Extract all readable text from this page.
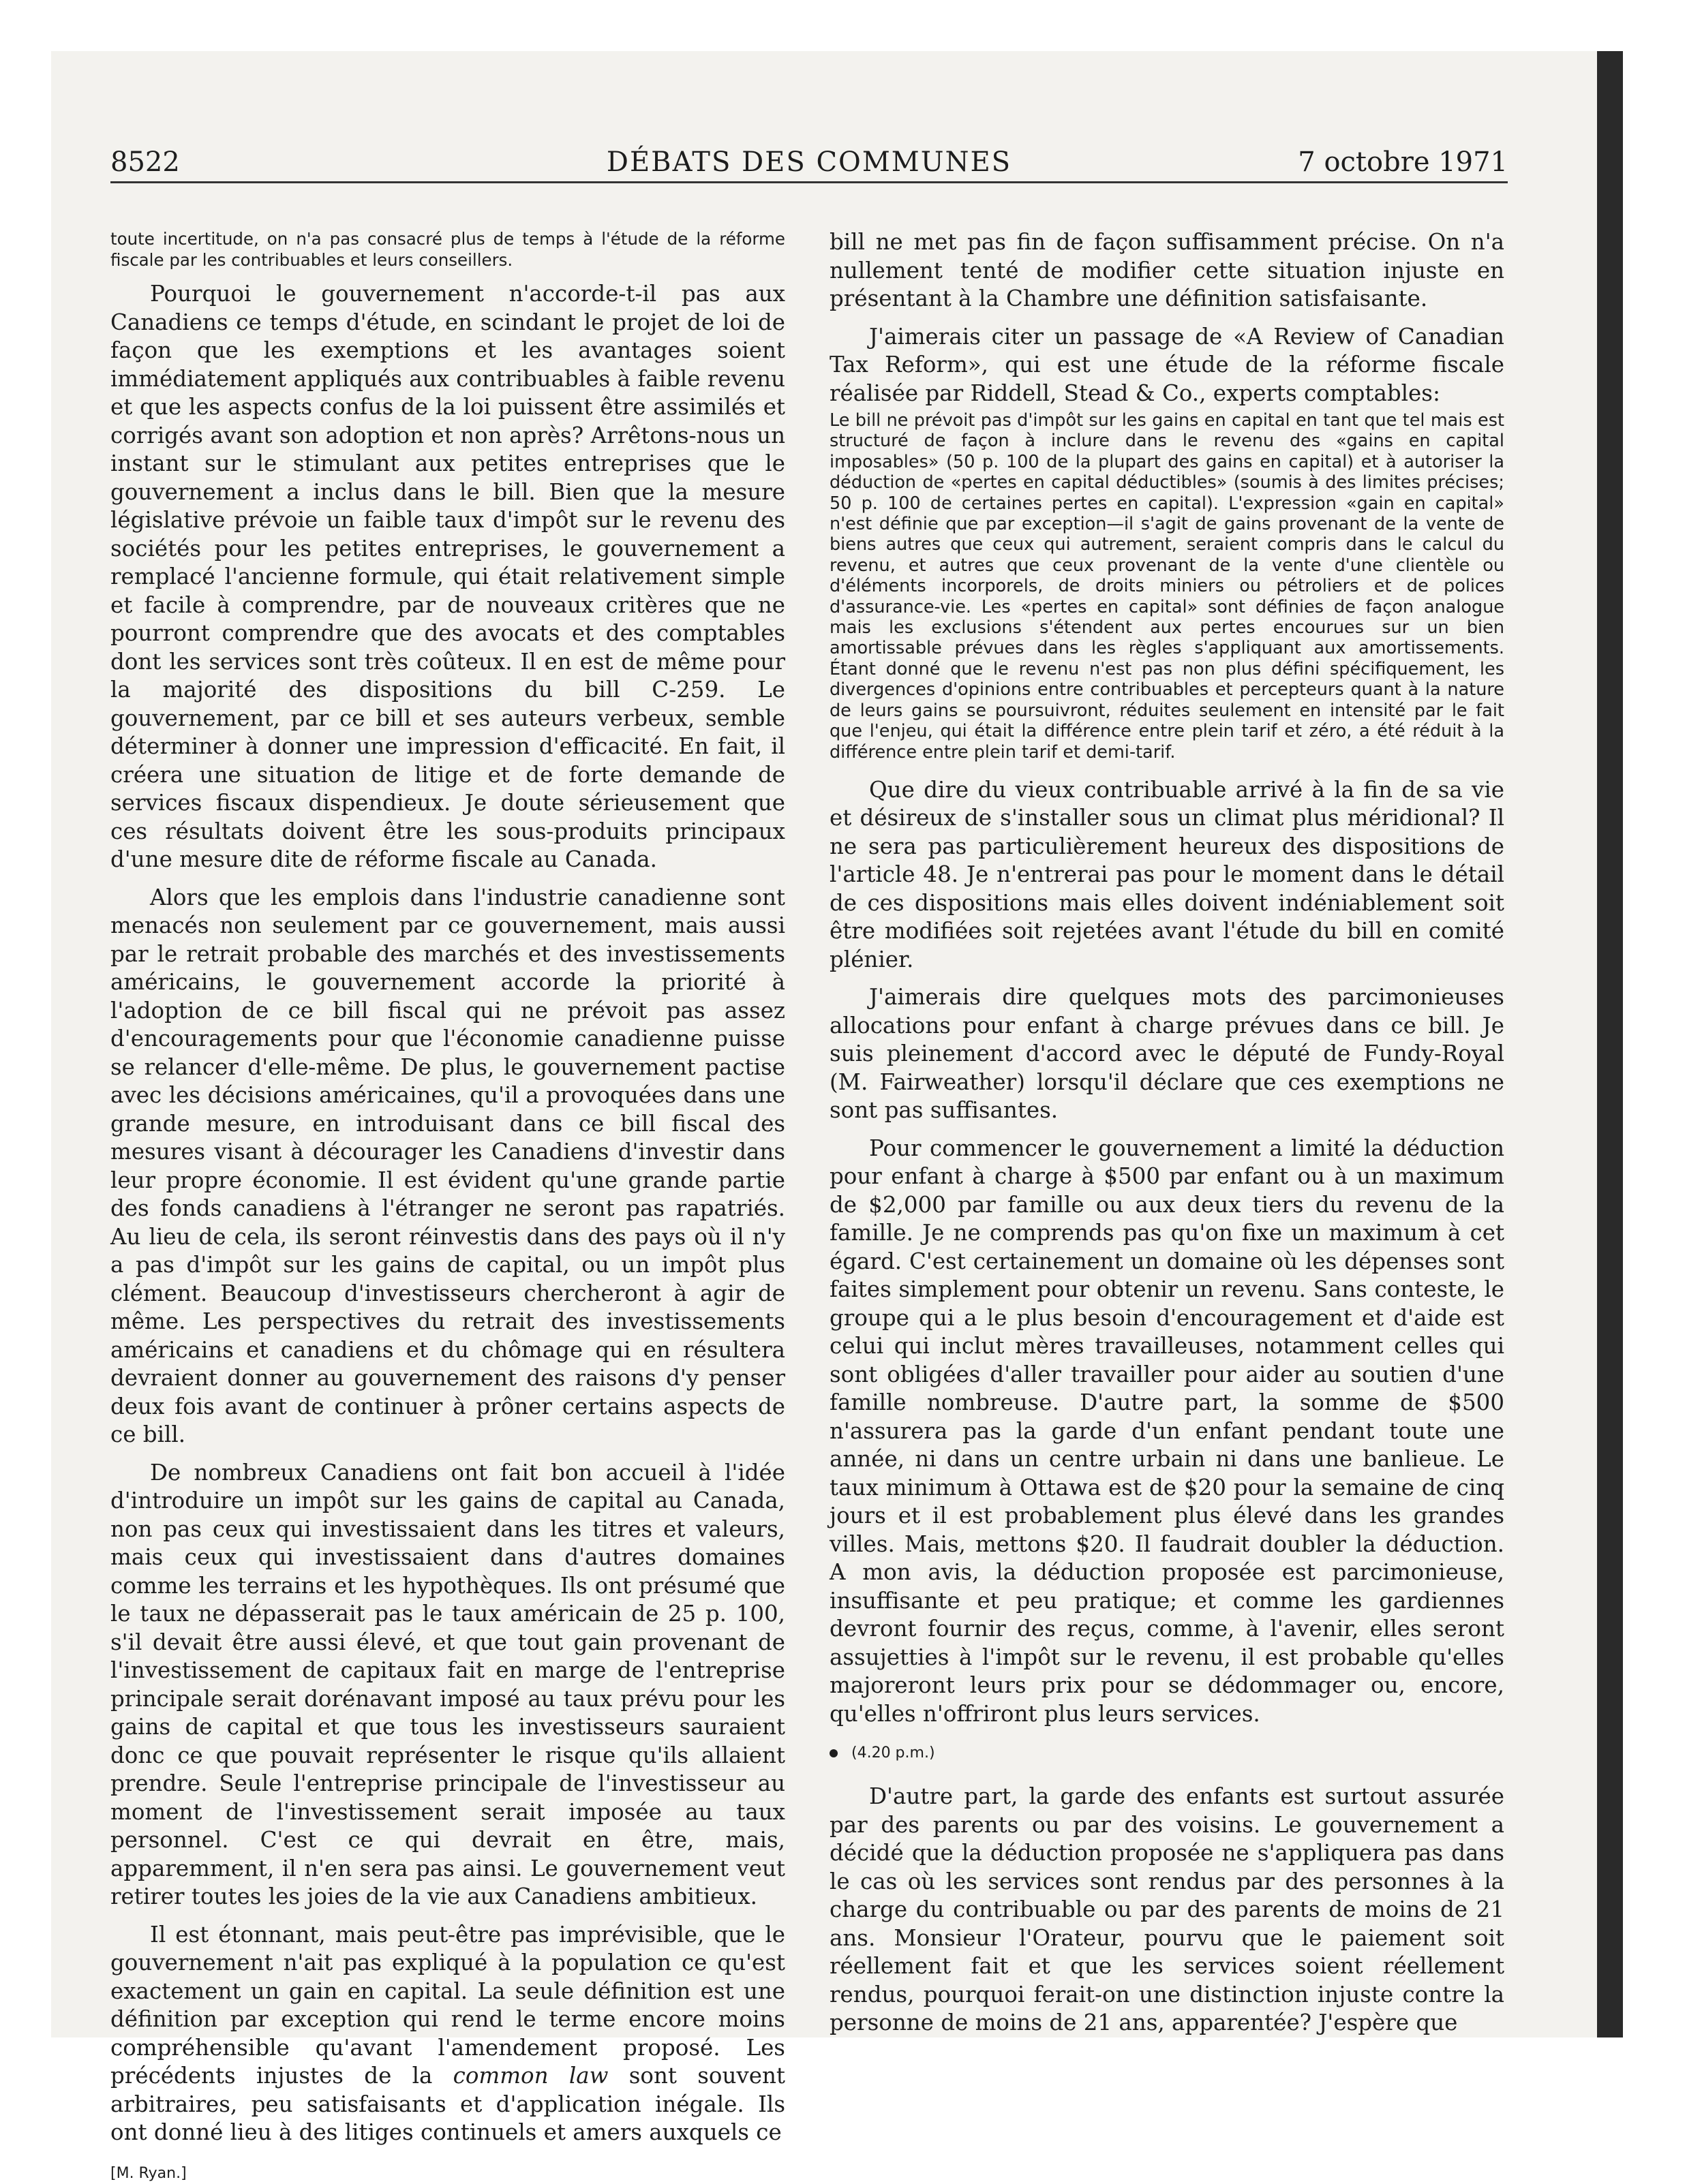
8522	DÉBATS DES COMMUNES	7 octobre 1971

toute incertitude, on n'a pas consacré plus de temps à l'étude de la réforme fiscale par les contribuables et leurs conseillers.

Pourquoi le gouvernement n'accorde-t-il pas aux Canadiens ce temps d'étude, en scindant le projet de loi de façon que les exemptions et les avantages soient immédiatement appliqués aux contribuables à faible revenu et que les aspects confus de la loi puissent être assimilés et corrigés avant son adoption et non après? Arrêtons-nous un instant sur le stimulant aux petites entreprises que le gouvernement a inclus dans le bill. Bien que la mesure législative prévoie un faible taux d'impôt sur le revenu des sociétés pour les petites entreprises, le gouvernement a remplacé l'ancienne formule, qui était relativement simple et facile à comprendre, par de nouveaux critères que ne pourront comprendre que des avocats et des comptables dont les services sont très coûteux. Il en est de même pour la majorité des dispositions du bill C-259. Le gouvernement, par ce bill et ses auteurs verbeux, semble déterminer à donner une impression d'efficacité. En fait, il créera une situation de litige et de forte demande de services fiscaux dispendieux. Je doute sérieusement que ces résultats doivent être les sous-produits principaux d'une mesure dite de réforme fiscale au Canada.

Alors que les emplois dans l'industrie canadienne sont menacés non seulement par ce gouvernement, mais aussi par le retrait probable des marchés et des investissements américains, le gouvernement accorde la priorité à l'adoption de ce bill fiscal qui ne prévoit pas assez d'encouragements pour que l'économie canadienne puisse se relancer d'elle-même. De plus, le gouvernement pactise avec les décisions américaines, qu'il a provoquées dans une grande mesure, en introduisant dans ce bill fiscal des mesures visant à décourager les Canadiens d'investir dans leur propre économie. Il est évident qu'une grande partie des fonds canadiens à l'étranger ne seront pas rapatriés. Au lieu de cela, ils seront réinvestis dans des pays où il n'y a pas d'impôt sur les gains de capital, ou un impôt plus clément. Beaucoup d'investisseurs chercheront à agir de même. Les perspectives du retrait des investissements américains et canadiens et du chômage qui en résultera devraient donner au gouvernement des raisons d'y penser deux fois avant de continuer à prôner certains aspects de ce bill.

De nombreux Canadiens ont fait bon accueil à l'idée d'introduire un impôt sur les gains de capital au Canada, non pas ceux qui investissaient dans les titres et valeurs, mais ceux qui investissaient dans d'autres domaines comme les terrains et les hypothèques. Ils ont présumé que le taux ne dépasserait pas le taux américain de 25 p. 100, s'il devait être aussi élevé, et que tout gain provenant de l'investissement de capitaux fait en marge de l'entreprise principale serait dorénavant imposé au taux prévu pour les gains de capital et que tous les investisseurs sauraient donc ce que pouvait représenter le risque qu'ils allaient prendre. Seule l'entreprise principale de l'investisseur au moment de l'investissement serait imposée au taux personnel. C'est ce qui devrait en être, mais, apparemment, il n'en sera pas ainsi. Le gouvernement veut retirer toutes les joies de la vie aux Canadiens ambitieux.

Il est étonnant, mais peut-être pas imprévisible, que le gouvernement n'ait pas expliqué à la population ce qu'est exactement un gain en capital. La seule définition est une définition par exception qui rend le terme encore moins compréhensible qu'avant l'amendement proposé. Les précédents injustes de la common law sont souvent arbitraires, peu satisfaisants et d'application inégale. Ils ont donné lieu à des litiges continuels et amers auxquels ce

[M. Ryan.]

bill ne met pas fin de façon suffisamment précise. On n'a nullement tenté de modifier cette situation injuste en présentant à la Chambre une définition satisfaisante.

J'aimerais citer un passage de «A Review of Canadian Tax Reform», qui est une étude de la réforme fiscale réalisée par Riddell, Stead & Co., experts comptables:

Le bill ne prévoit pas d'impôt sur les gains en capital en tant que tel mais est structuré de façon à inclure dans le revenu des «gains en capital imposables» (50 p. 100 de la plupart des gains en capital) et à autoriser la déduction de «pertes en capital déductibles» (soumis à des limites précises; 50 p. 100 de certaines pertes en capital). L'expression «gain en capital» n'est définie que par exception—il s'agit de gains provenant de la vente de biens autres que ceux qui autrement, seraient compris dans le calcul du revenu, et autres que ceux provenant de la vente d'une clientèle ou d'éléments incorporels, de droits miniers ou pétroliers et de polices d'assurance-vie. Les «pertes en capital» sont définies de façon analogue mais les exclusions s'étendent aux pertes encourues sur un bien amortissable prévues dans les règles s'appliquant aux amortissements. Étant donné que le revenu n'est pas non plus défini spécifiquement, les divergences d'opinions entre contribuables et percepteurs quant à la nature de leurs gains se poursuivront, réduites seulement en intensité par le fait que l'enjeu, qui était la différence entre plein tarif et zéro, a été réduit à la différence entre plein tarif et demi-tarif.

Que dire du vieux contribuable arrivé à la fin de sa vie et désireux de s'installer sous un climat plus méridional? Il ne sera pas particulièrement heureux des dispositions de l'article 48. Je n'entrerai pas pour le moment dans le détail de ces dispositions mais elles doivent indéniablement soit être modifiées soit rejetées avant l'étude du bill en comité plénier.

J'aimerais dire quelques mots des parcimonieuses allocations pour enfant à charge prévues dans ce bill. Je suis pleinement d'accord avec le député de Fundy-Royal (M. Fairweather) lorsqu'il déclare que ces exemptions ne sont pas suffisantes.

Pour commencer le gouvernement a limité la déduction pour enfant à charge à $500 par enfant ou à un maximum de $2,000 par famille ou aux deux tiers du revenu de la famille. Je ne comprends pas qu'on fixe un maximum à cet égard. C'est certainement un domaine où les dépenses sont faites simplement pour obtenir un revenu. Sans conteste, le groupe qui a le plus besoin d'encouragement et d'aide est celui qui inclut mères travailleuses, notamment celles qui sont obligées d'aller travailler pour aider au soutien d'une famille nombreuse. D'autre part, la somme de $500 n'assurera pas la garde d'un enfant pendant toute une année, ni dans un centre urbain ni dans une banlieue. Le taux minimum à Ottawa est de $20 pour la semaine de cinq jours et il est probablement plus élevé dans les grandes villes. Mais, mettons $20. Il faudrait doubler la déduction. A mon avis, la déduction proposée est parcimonieuse, insuffisante et peu pratique; et comme les gardiennes devront fournir des reçus, comme, à l'avenir, elles seront assujetties à l'impôt sur le revenu, il est probable qu'elles majoreront leurs prix pour se dédommager ou, encore, qu'elles n'offriront plus leurs services.

(4.20 p.m.)

D'autre part, la garde des enfants est surtout assurée par des parents ou par des voisins. Le gouvernement a décidé que la déduction proposée ne s'appliquera pas dans le cas où les services sont rendus par des personnes à la charge du contribuable ou par des parents de moins de 21 ans. Monsieur l'Orateur, pourvu que le paiement soit réellement fait et que les services soient réellement rendus, pourquoi ferait-on une distinction injuste contre la personne de moins de 21 ans, apparentée? J'espère que
